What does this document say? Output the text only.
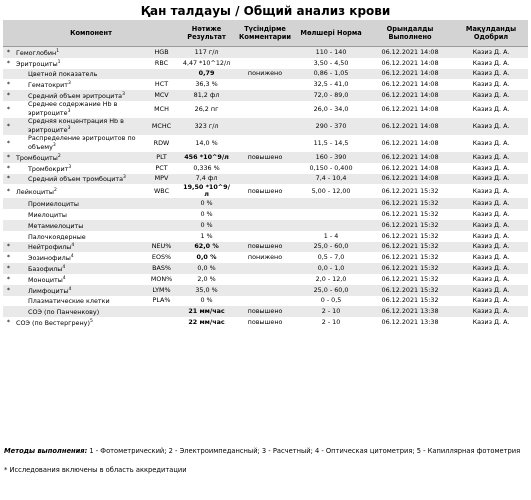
Қан талдауы / Общий анализ крови
Компонент			Нәтиже Результат	Түсіндірме Комментарии	Мөлшері Норма	Орындалды Выполнено	Мақұлданды Одобрил
*	Гемоглобин$^1$	HGB	117 г/л		110 - 140	06.12.2021 14:08	Казиз Д. А.
*	Эритроциты$^1$	RBC	4,47 *10^12/л		3,50 - 4,50	06.12.2021 14:08	Казиз Д. А.
	Цветной показатель		0,79	понижено	0,86 - 1,05	06.12.2021 14:08	Казиз Д. А.
*	Гематокрит$^3$	HCT	36,3 %		32,5 - 41,0	06.12.2021 14:08	Казиз Д. А.
*	Средний объем эритроцита$^3$	MCV	81,2 фл		72,0 - 89,0	06.12.2021 14:08	Казиз Д. А.
*	Среднее содержание Hb в эритроците$^3$	MCH	26,2 пг		26,0 - 34,0	06.12.2021 14:08	Казиз Д. А.
*	Средняя концентрация Hb в эритроците$^3$	MCHC	323 г/л		290 - 370	06.12.2021 14:08	Казиз Д. А.
*	Распределение эритроцитов по объему$^3$	RDW	14,0 %		11,5 - 14,5	06.12.2021 14:08	Казиз Д. А.
*	Тромбоциты$^2$	PLT	456 *10^9/л	повышено	160 - 390	06.12.2021 14:08	Казиз Д. А.
*	Тромбокрит$^3$	PCT	0,336 %		0,150 - 0,400	06.12.2021 14:08	Казиз Д. А.
*	Средний объем тромбоцита$^3$	MPV	7,4 фл		7,4 - 10,4	06.12.2021 14:08	Казиз Д. А.
*	Лейкоциты$^2$	WBC	19,50 *10^9/л	повышено	5,00 - 12,00	06.12.2021 15:32	Казиз Д. А.
	Промиелоциты		0 %			06.12.2021 15:32	Казиз Д. А.
	Миелоциты		0 %			06.12.2021 15:32	Казиз Д. А.
	Метамиелоциты		0 %			06.12.2021 15:32	Казиз Д. А.
	Палочкоядерные		1 %		1 - 4	06.12.2021 15:32	Казиз Д. А.
*	Нейтрофилы$^4$	NEU%	62,0 %	повышено	25,0 - 60,0	06.12.2021 15:32	Казиз Д. А.
*	Эозинофилы$^4$	EOS%	0,0 %	понижено	0,5 - 7,0	06.12.2021 15:32	Казиз Д. А.
*	Базофилы$^4$	BAS%	0,0 %		0,0 - 1,0	06.12.2021 15:32	Казиз Д. А.
*	Моноциты$^4$	MON%	2,0 %		2,0 - 12,0	06.12.2021 15:32	Казиз Д. А.
*	Лимфоциты$^4$	LYM%	35,0 %		25,0 - 60,0	06.12.2021 15:32	Казиз Д. А.
	Плазматические клетки	PLA%	0 %		0 - 0,5	06.12.2021 15:32	Казиз Д. А.
	СОЭ (по Панченкову)		21 мм/час	повышено	2 - 10	06.12.2021 13:38	Казиз Д. А.
*	СОЭ (по Вестергрену)$^5$		22 мм/час	повышено	2 - 10	06.12.2021 13:38	Казиз Д. А.
Методы выполнения: 1 - Фотометрический; 2 - Электроимпедансный; 3 - Расчетный; 4 - Оптическая цитометрия; 5 - Капиллярная фотометрия
* Исследования включены в область аккредитации
